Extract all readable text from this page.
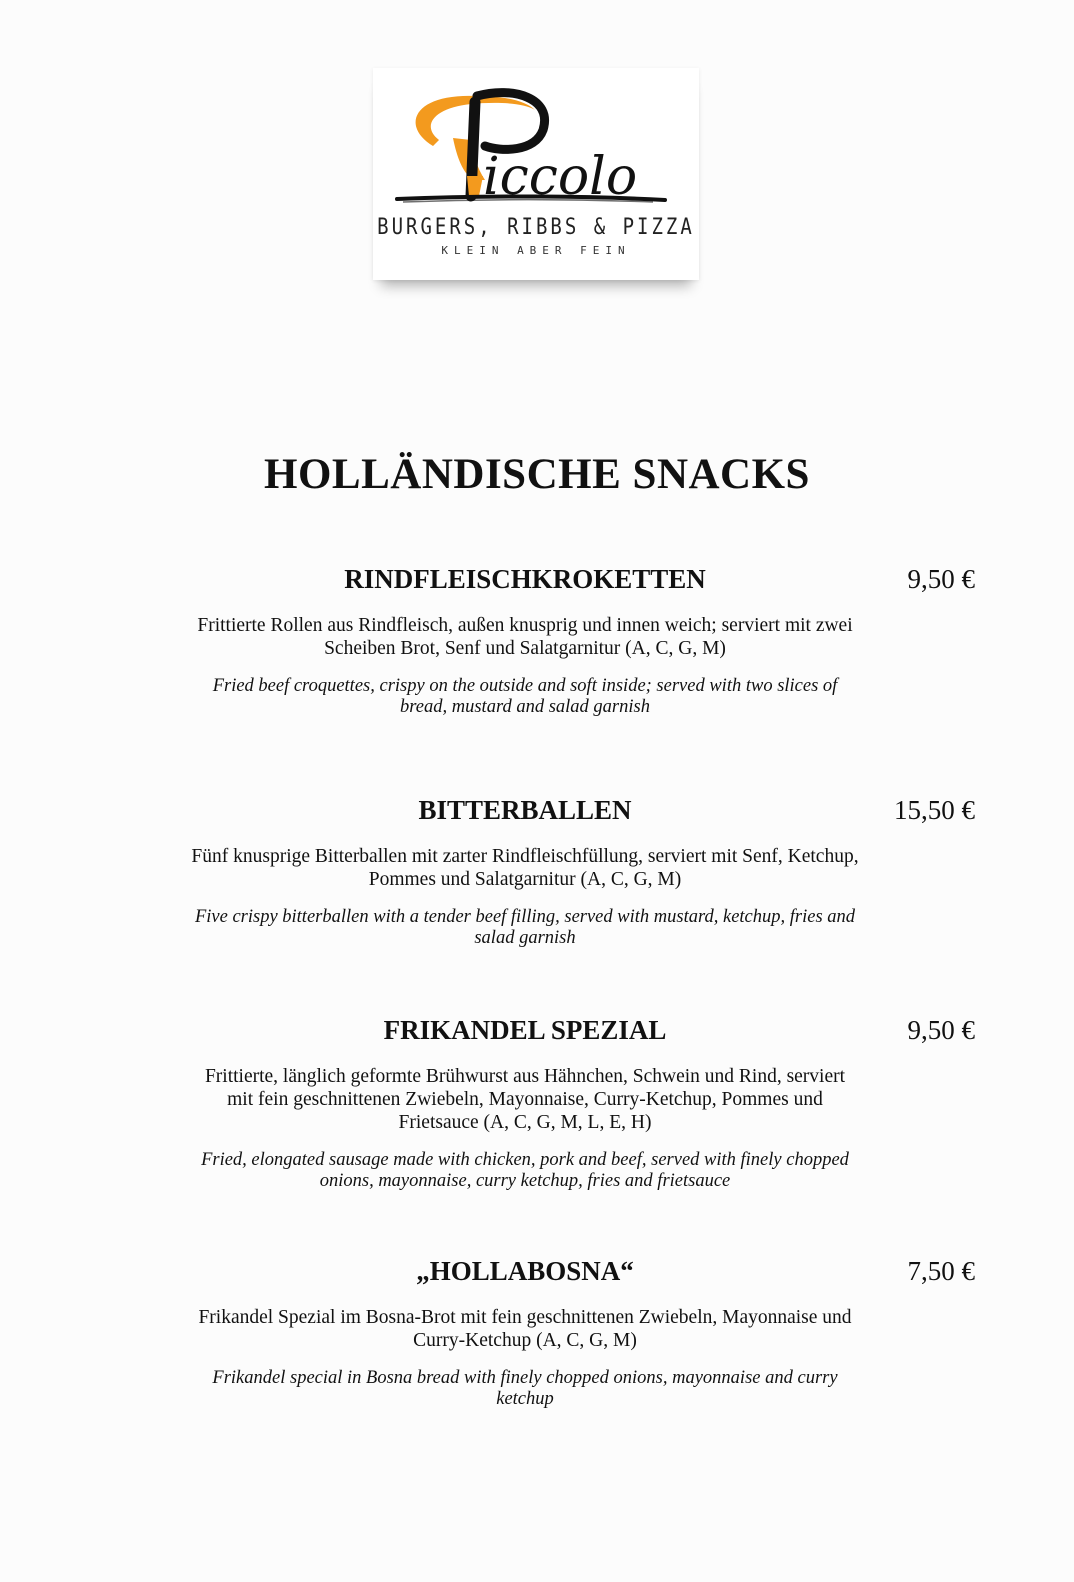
iccolo
BURGERS, RIBBS & PIZZA
KLEIN ABER FEIN
HOLLÄNDISCHE SNACKS
RINDFLEISCHKROKETTEN	9,50 €

Frittierte Rollen aus Rindfleisch, außen knusprig und innen weich; serviert mit zwei Scheiben Brot, Senf und Salatgarnitur (A, C, G, M)

Fried beef croquettes, crispy on the outside and soft inside; served with two slices of bread, mustard and salad garnish

BITTERBALLEN	15,50 €

Fünf knusprige Bitterballen mit zarter Rindfleischfüllung, serviert mit Senf, Ketchup, Pommes und Salatgarnitur (A, C, G, M)

Five crispy bitterballen with a tender beef filling, served with mustard, ketchup, fries and salad garnish

FRIKANDEL SPEZIAL	9,50 €

Frittierte, länglich geformte Brühwurst aus Hähnchen, Schwein und Rind, serviert mit fein geschnittenen Zwiebeln, Mayonnaise, Curry-Ketchup, Pommes und Frietsauce (A, C, G, M, L, E, H)

Fried, elongated sausage made with chicken, pork and beef, served with finely chopped onions, mayonnaise, curry ketchup, fries and frietsauce

„HOLLABOSNA“	7,50 €

Frikandel Spezial im Bosna-Brot mit fein geschnittenen Zwiebeln, Mayonnaise und Curry-Ketchup (A, C, G, M)

Frikandel special in Bosna bread with finely chopped onions, mayonnaise and curry ketchup
